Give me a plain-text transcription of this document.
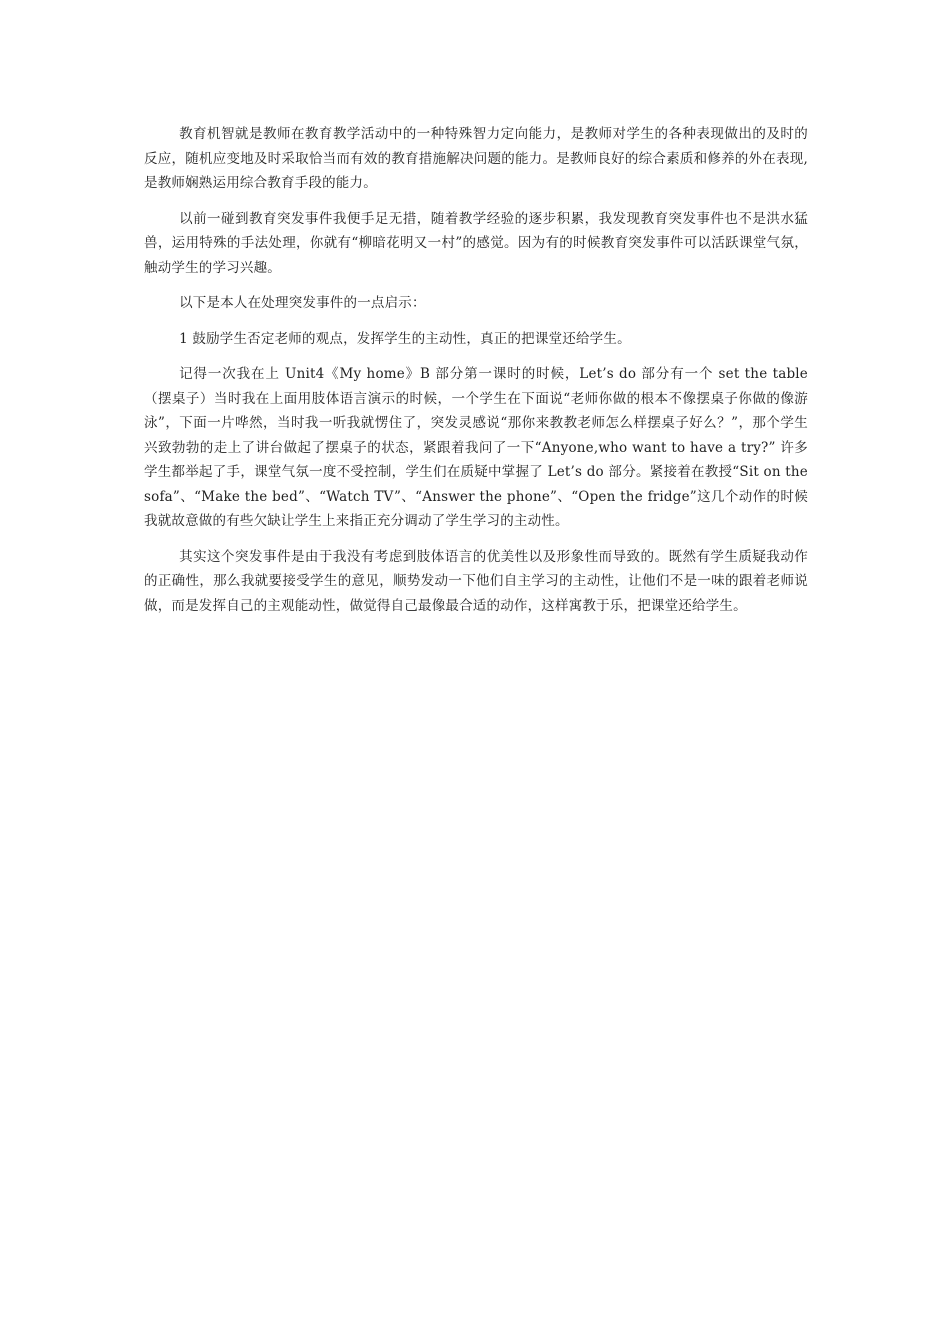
教育机智就是教师在教育教学活动中的一种特殊智力定向能力，是教师对学生的各种表现做出的及时的反应，随机应变地及时采取恰当而有效的教育措施解决问题的能力。是教师良好的综合素质和修养的外在表现,是教师娴熟运用综合教育手段的能力。

以前一碰到教育突发事件我便手足无措，随着教学经验的逐步积累，我发现教育突发事件也不是洪水猛兽，运用特殊的手法处理，你就有“柳暗花明又一村”的感觉。因为有的时候教育突发事件可以活跃课堂气氛，触动学生的学习兴趣。

以下是本人在处理突发事件的一点启示：

1 鼓励学生否定老师的观点，发挥学生的主动性，真正的把课堂还给学生。

记得一次我在上 Unit4《My home》B 部分第一课时的时候，Let’s do 部分有一个 set the table（摆桌子）当时我在上面用肢体语言演示的时候，一个学生在下面说“老师你做的根本不像摆桌子你做的像游泳”，下面一片哗然，当时我一听我就愣住了，突发灵感说“那你来教教老师怎么样摆桌子好么？”，那个学生兴致勃勃的走上了讲台做起了摆桌子的状态，紧跟着我问了一下“Anyone,who want to have a try?” 许多学生都举起了手，课堂气氛一度不受控制，学生们在质疑中掌握了 Let’s do 部分。紧接着在教授“Sit on the sofa”、“Make the bed”、“Watch TV”、“Answer the phone”、“Open the fridge”这几个动作的时候我就故意做的有些欠缺让学生上来指正充分调动了学生学习的主动性。

其实这个突发事件是由于我没有考虑到肢体语言的优美性以及形象性而导致的。既然有学生质疑我动作的正确性，那么我就要接受学生的意见，顺势发动一下他们自主学习的主动性，让他们不是一味的跟着老师说做，而是发挥自己的主观能动性，做觉得自己最像最合适的动作，这样寓教于乐，把课堂还给学生。
